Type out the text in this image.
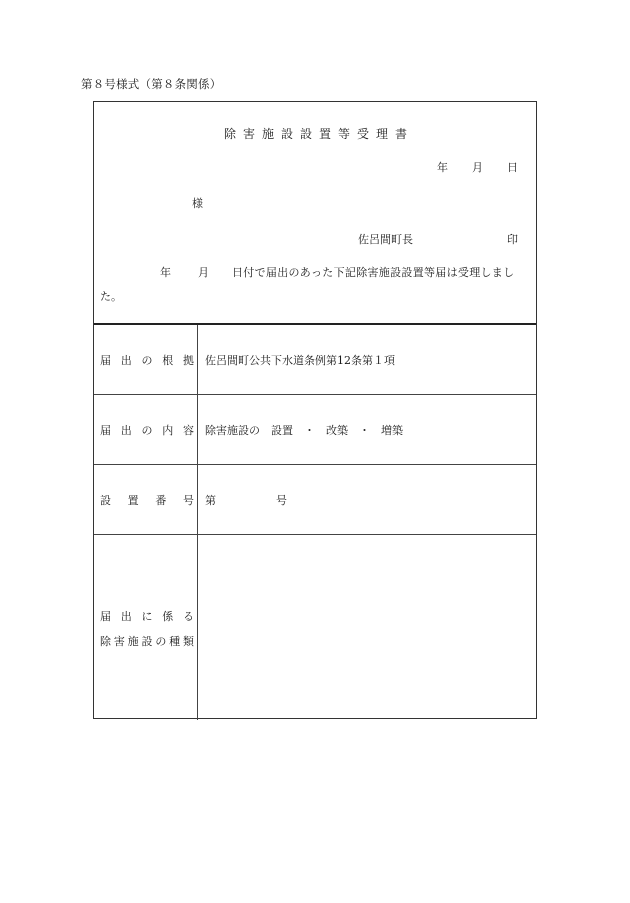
第８号様式（第８条関係）
除害施設設置等受理書
年 月 日
様
佐呂間町長	印
年 月 日付で届出のあった下記除害施設設置等届は受理しまし
た。
届 出 の 根 拠 佐呂間町公共下水道条例第12条第１項
届 出 の 内 容 除害施設の　設置　・　改築　・　増築
設 置 番 号 第	号
届 出 に 係 る
除 害 施 設 の 種 類
